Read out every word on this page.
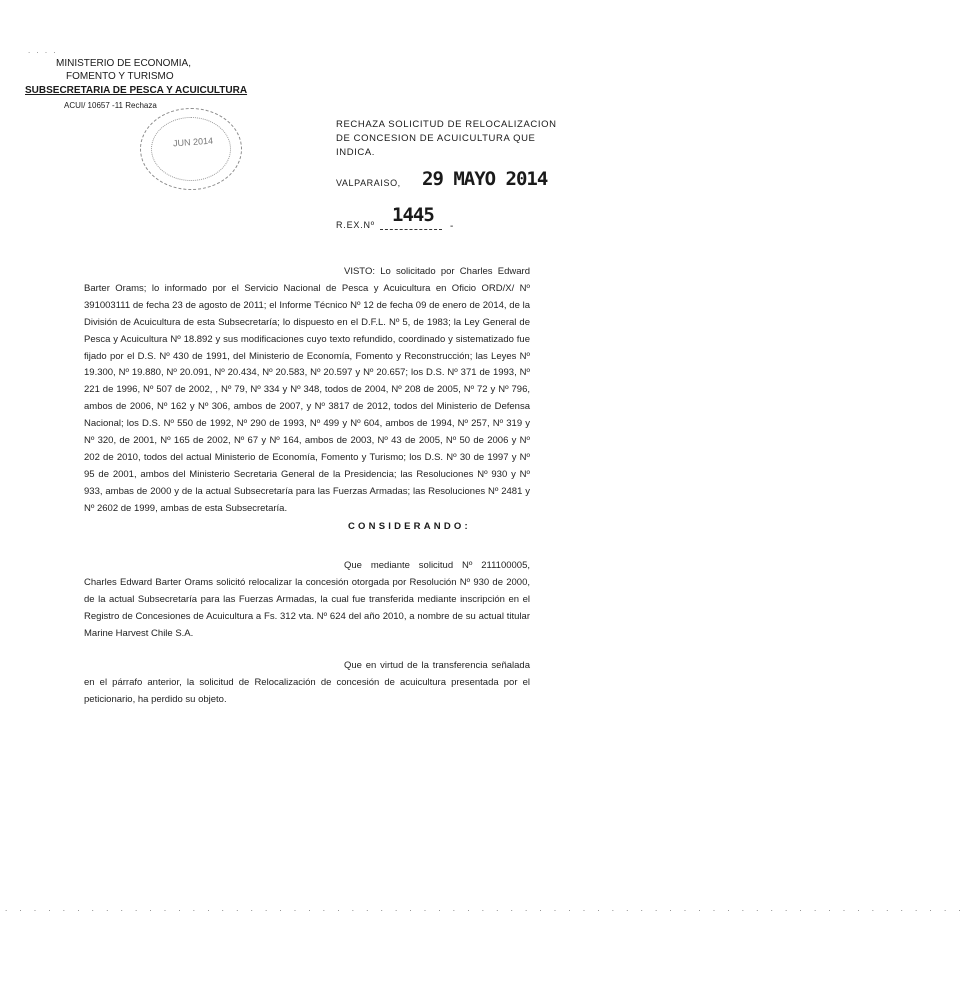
. . . .
MINISTERIO DE ECONOMIA,
FOMENTO Y TURISMO
SUBSECRETARIA DE PESCA Y ACUICULTURA
ACUI/ 10657 -11 Rechaza
JUN 2014
RECHAZA SOLICITUD DE RELOCALIZACION DE CONCESION DE ACUICULTURA QUE INDICA.
VALPARAISO, 29 MAYO 2014
1445
R.EX.Nº	-
VISTO: Lo solicitado por Charles Edward Barter Orams; lo informado por el Servicio Nacional de Pesca y Acuicultura en Oficio ORD/X/ Nº 391003111 de fecha 23 de agosto de 2011; el Informe Técnico Nº 12 de fecha 09 de enero de 2014, de la División de Acuicultura de esta Subsecretaría; lo dispuesto en el D.F.L. Nº 5, de 1983; la Ley General de Pesca y Acuicultura Nº 18.892 y sus modificaciones cuyo texto refundido, coordinado y sistematizado fue fijado por el D.S. Nº 430 de 1991, del Ministerio de Economía, Fomento y Reconstrucción; las Leyes Nº 19.300, Nº 19.880, Nº 20.091, Nº 20.434, Nº 20.583, Nº 20.597 y Nº 20.657; los D.S. Nº 371 de 1993, Nº 221 de 1996, Nº 507 de 2002, , Nº 79, Nº 334 y Nº 348, todos de 2004, Nº 208 de 2005, Nº 72 y Nº 796, ambos de 2006, Nº 162 y Nº 306, ambos de 2007, y Nº 3817 de 2012, todos del Ministerio de Defensa Nacional; los D.S. Nº 550 de 1992, Nº 290 de 1993, Nº 499 y Nº 604, ambos de 1994, Nº 257, Nº 319 y Nº 320, de 2001, Nº 165 de 2002, Nº 67 y Nº 164, ambos de 2003, Nº 43 de 2005, Nº 50 de 2006 y Nº 202 de 2010, todos del actual Ministerio de Economía, Fomento y Turismo; los D.S. Nº 30 de 1997 y Nº 95 de 2001, ambos del Ministerio Secretaria General de la Presidencia; las Resoluciones Nº 930 y Nº 933, ambas de 2000 y de la actual Subsecretaría para las Fuerzas Armadas; las Resoluciones Nº 2481 y Nº 2602 de 1999, ambas de esta Subsecretaría.
CONSIDERANDO:
Que mediante solicitud Nº 211100005, Charles Edward Barter Orams solicitó relocalizar la concesión otorgada por Resolución Nº 930 de 2000, de la actual Subsecretaría para las Fuerzas Armadas, la cual fue transferida mediante inscripción en el Registro de Concesiones de Acuicultura a Fs. 312 vta. Nº 624 del año 2010, a nombre de su actual titular Marine Harvest Chile S.A.
Que en virtud de la transferencia señalada en el párrafo anterior, la solicitud de Relocalización de concesión de acuicultura presentada por el peticionario, ha perdido su objeto.
. . . . . . . . . . . . . . . . . . . . . . . . . . . . . . . . . . . . . . . . . . . . . . . . . . . . . . . . . . . . . . . . . . .
